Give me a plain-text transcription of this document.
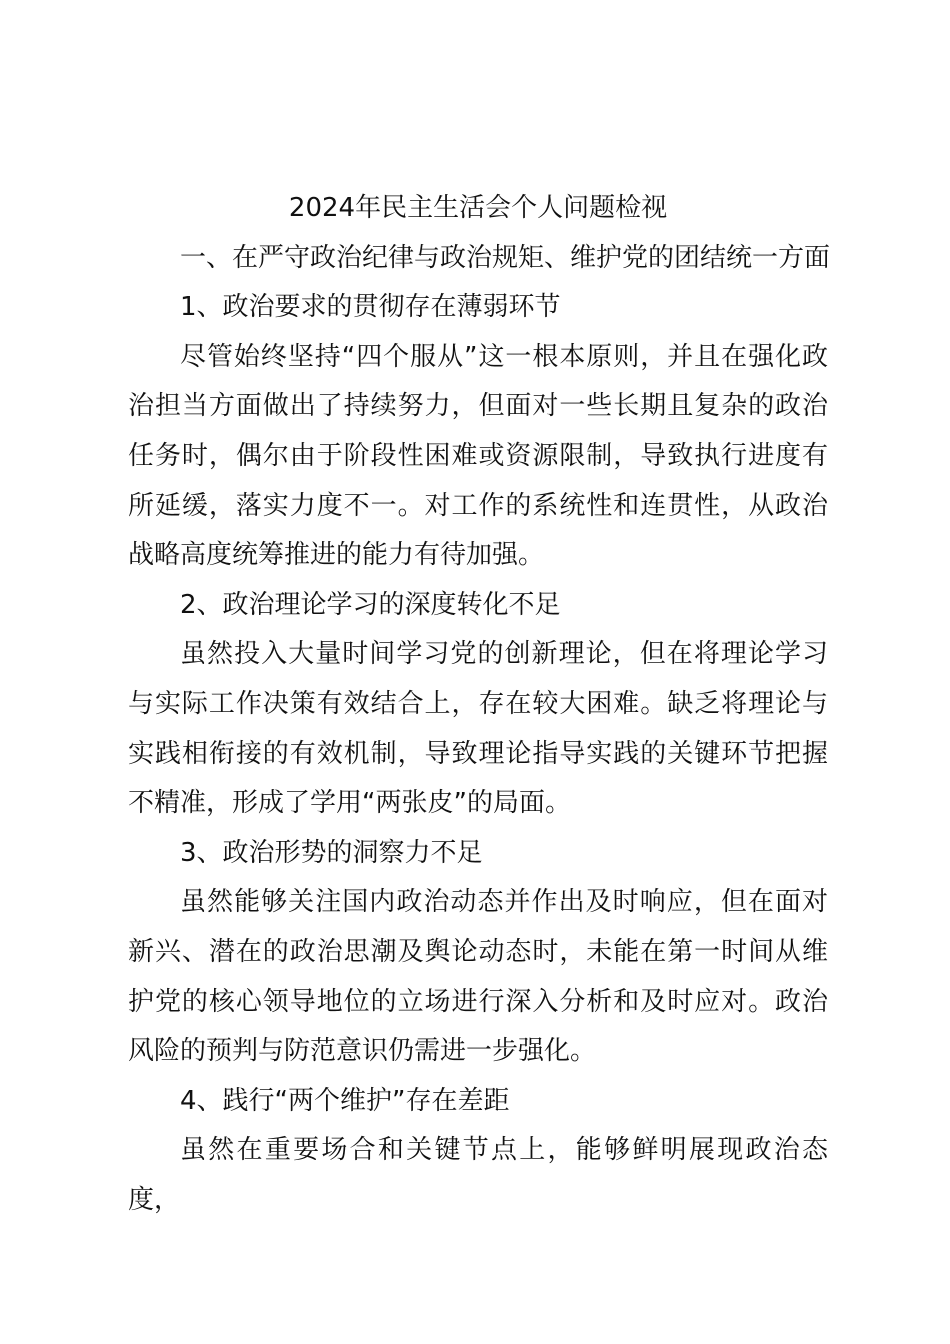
2024年民主生活会个人问题检视
一、在严守政治纪律与政治规矩、维护党的团结统一方面
1、政治要求的贯彻存在薄弱环节

尽管始终坚持“四个服从”这一根本原则，并且在强化政治担当方面做出了持续努力，但面对一些长期且复杂的政治任务时，偶尔由于阶段性困难或资源限制，导致执行进度有所延缓，落实力度不一。对工作的系统性和连贯性，从政治战略高度统筹推进的能力有待加强。

2、政治理论学习的深度转化不足

虽然投入大量时间学习党的创新理论，但在将理论学习与实际工作决策有效结合上，存在较大困难。缺乏将理论与实践相衔接的有效机制，导致理论指导实践的关键环节把握不精准，形成了学用“两张皮”的局面。

3、政治形势的洞察力不足

虽然能够关注国内政治动态并作出及时响应，但在面对新兴、潜在的政治思潮及舆论动态时，未能在第一时间从维护党的核心领导地位的立场进行深入分析和及时应对。政治风险的预判与防范意识仍需进一步强化。

4、践行“两个维护”存在差距

虽然在重要场合和关键节点上，能够鲜明展现政治态度，
